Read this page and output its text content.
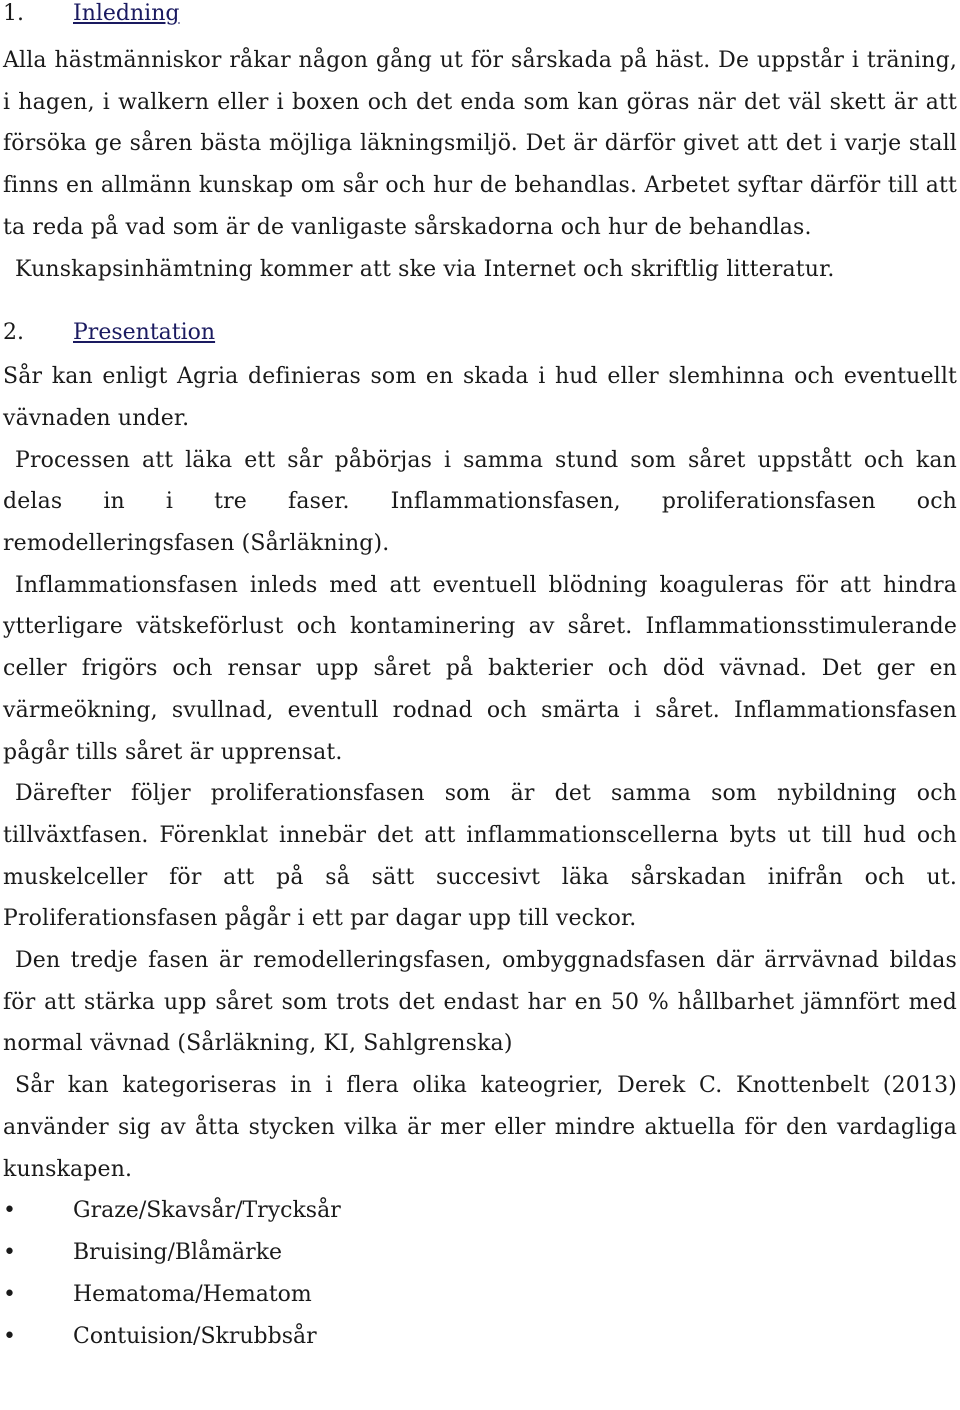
1. Inledning

Alla hästmänniskor råkar någon gång ut för sårskada på häst. De uppstår i träning, i hagen, i walkern eller i boxen och det enda som kan göras när det väl skett är att försöka ge såren bästa möjliga läkningsmiljö. Det är därför givet att det i varje stall finns en allmänn kunskap om sår och hur de behandlas. Arbetet syftar därför till att ta reda på vad som är de vanligaste sårskadorna och hur de behandlas.

Kunskapsinhämtning kommer att ske via Internet och skriftlig litteratur.

2. Presentation

Sår kan enligt Agria definieras som en skada i hud eller slemhinna och eventuellt vävnaden under.

Processen att läka ett sår påbörjas i samma stund som såret uppstått och kan delas in i tre faser. Inflammationsfasen, proliferationsfasen och remodelleringsfasen (Sårläkning).

Inflammationsfasen inleds med att eventuell blödning koaguleras för att hindra ytterligare vätskeförlust och kontaminering av såret. Inflammationsstimulerande celler frigörs och rensar upp såret på bakterier och död vävnad. Det ger en värmeökning, svullnad, eventull rodnad och smärta i såret. Inflammationsfasen pågår tills såret är upprensat.

Därefter följer proliferationsfasen som är det samma som nybildning och tillväxtfasen. Förenklat innebär det att inflammationscellerna byts ut till hud och muskelceller för att på så sätt succesivt läka sårskadan inifrån och ut. Proliferationsfasen pågår i ett par dagar upp till veckor.

Den tredje fasen är remodelleringsfasen, ombyggnadsfasen där ärrvävnad bildas för att stärka upp såret som trots det endast har en 50 % hållbarhet jämnfört med normal vävnad (Sårläkning, KI, Sahlgrenska)

Sår kan kategoriseras in i flera olika kateogrier, Derek C. Knottenbelt (2013) använder sig av åtta stycken vilka är mer eller mindre aktuella för den vardagliga kunskapen.

•	Graze/Skavsår/Trycksår
•	Bruising/Blåmärke
•	Hematoma/Hematom
•	Contuision/Skrubbsår
